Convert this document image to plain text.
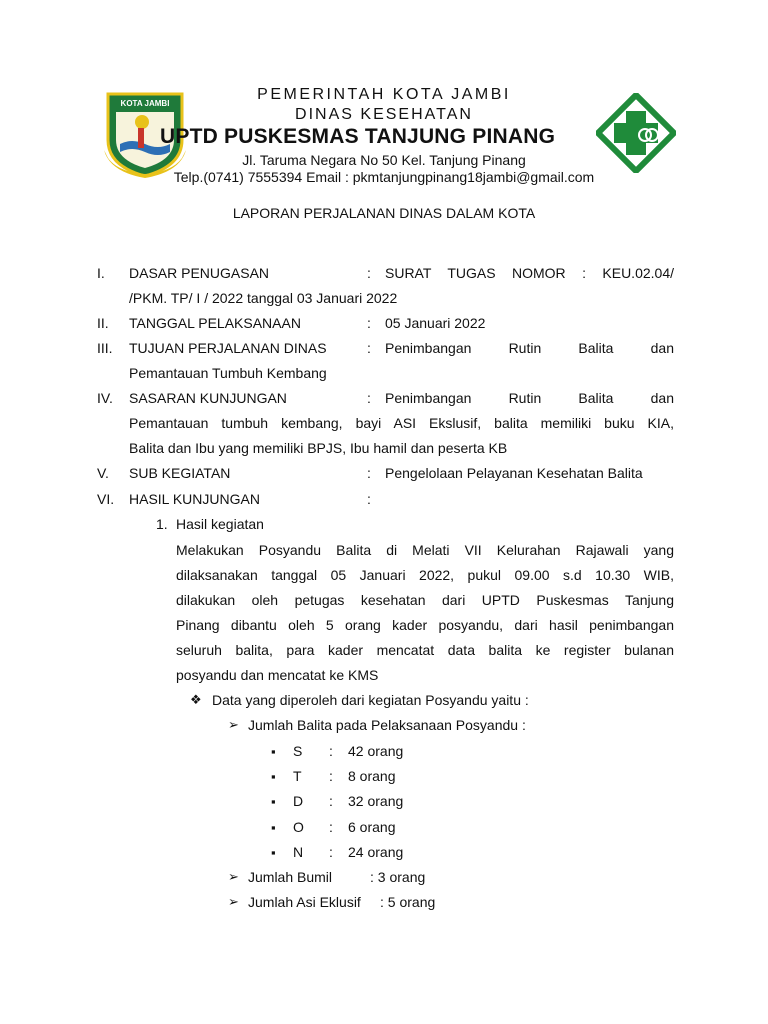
KOTA JAMBI
PEMERINTAH KOTA JAMBI
DINAS KESEHATAN
UPTD PUSKESMAS TANJUNG PINANG
Jl. Taruma Negara No 50 Kel. Tanjung Pinang
Telp.(0741) 7555394 Email : pkmtanjungpinang18jambi@gmail.com
LAPORAN PERJALANAN DINAS DALAM KOTA
I. DASAR PENUGASAN	: SURAT TUGAS NOMOR : KEU.02.04/
/PKM. TP/ I / 2022 tanggal 03 Januari 2022
II. TANGGAL PELAKSANAAN	: 05 Januari 2022
III. TUJUAN PERJALANAN DINAS	: Penimbangan Rutin Balita dan
Pemantauan Tumbuh Kembang
IV. SASARAN KUNJUNGAN	: Penimbangan Rutin Balita dan
Pemantauan tumbuh kembang, bayi ASI Ekslusif, balita memiliki buku KIA,
Balita dan Ibu yang memiliki BPJS, Ibu hamil dan peserta KB
V. SUB KEGIATAN	: Pengelolaan Pelayanan Kesehatan Balita
VI. HASIL KUNJUNGAN	:
1. Hasil kegiatan
Melakukan Posyandu Balita di Melati VII Kelurahan Rajawali yang
dilaksanakan tanggal 05 Januari 2022, pukul 09.00 s.d 10.30 WIB,
dilakukan oleh petugas kesehatan dari UPTD Puskesmas Tanjung
Pinang dibantu oleh 5 orang kader posyandu, dari hasil penimbangan
seluruh balita, para kader mencatat data balita ke register bulanan
posyandu dan mencatat ke KMS
❖ Data yang diperoleh dari kegiatan Posyandu yaitu :
➢ Jumlah Balita pada Pelaksanaan Posyandu :
▪ S : 42 orang
▪ T : 8 orang
▪ D : 32 orang
▪ O : 6 orang
▪ N : 24 orang
➢ Jumlah Bumil	: 3 orang
➢ Jumlah Asi Eklusif : 5 orang
